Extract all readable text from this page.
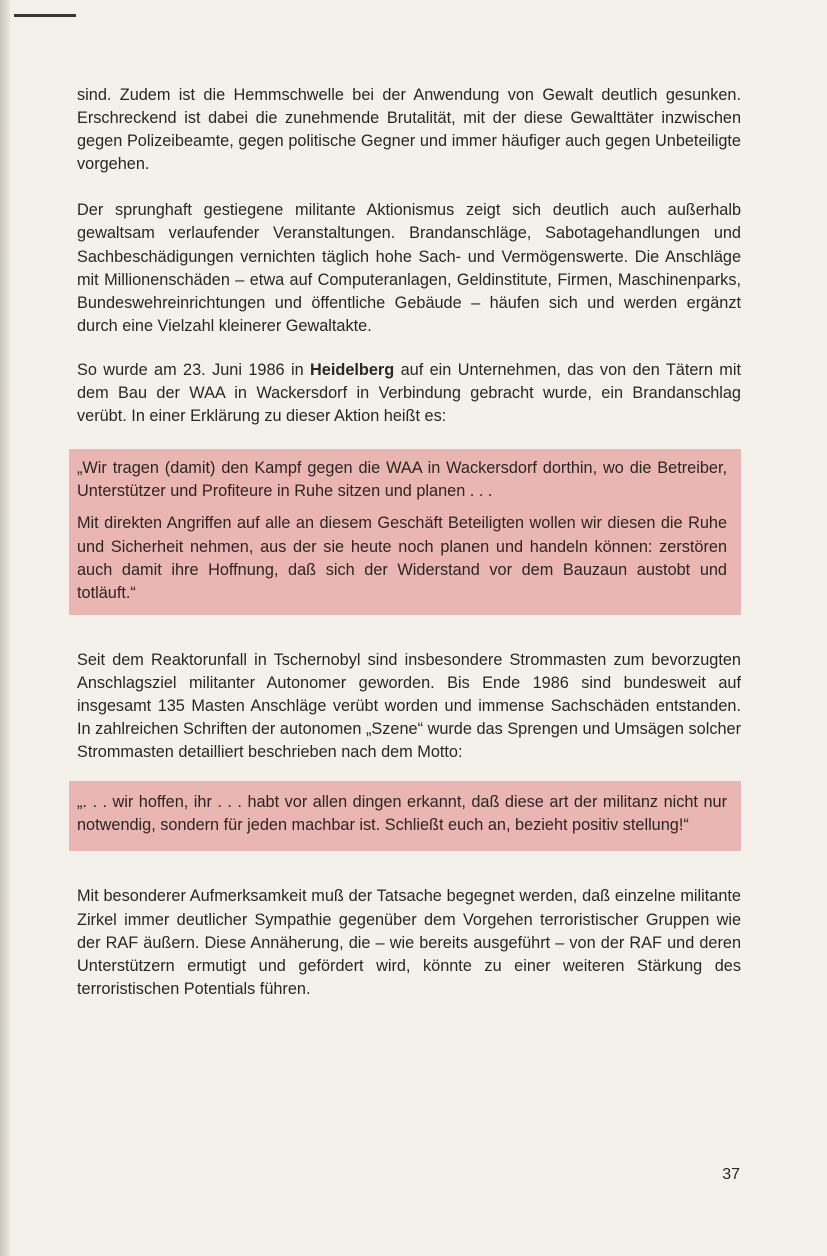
sind. Zudem ist die Hemmschwelle bei der Anwendung von Gewalt deutlich gesunken. Erschreckend ist dabei die zunehmende Brutalität, mit der diese Gewalttäter inzwischen gegen Polizeibeamte, gegen politische Gegner und immer häufiger auch gegen Unbeteiligte vorgehen.

Der sprunghaft gestiegene militante Aktionismus zeigt sich deutlich auch außerhalb gewaltsam verlaufender Veranstaltungen. Brandanschläge, Sabotagehandlungen und Sachbeschädigungen vernichten täglich hohe Sach- und Vermögenswerte. Die Anschläge mit Millionenschäden – etwa auf Computeranlagen, Geldinstitute, Firmen, Maschinenparks, Bundeswehreinrichtungen und öffentliche Gebäude – häufen sich und werden ergänzt durch eine Vielzahl kleinerer Gewaltakte.

So wurde am 23. Juni 1986 in Heidelberg auf ein Unternehmen, das von den Tätern mit dem Bau der WAA in Wackersdorf in Verbindung gebracht wurde, ein Brandanschlag verübt. In einer Erklärung zu dieser Aktion heißt es:

„Wir tragen (damit) den Kampf gegen die WAA in Wackersdorf dorthin, wo die Betreiber, Unterstützer und Profiteure in Ruhe sitzen und planen . . .

Mit direkten Angriffen auf alle an diesem Geschäft Beteiligten wollen wir diesen die Ruhe und Sicherheit nehmen, aus der sie heute noch planen und handeln können: zerstören auch damit ihre Hoffnung, daß sich der Widerstand vor dem Bauzaun austobt und totläuft.“

Seit dem Reaktorunfall in Tschernobyl sind insbesondere Strommasten zum bevorzugten Anschlagsziel militanter Autonomer geworden. Bis Ende 1986 sind bundesweit auf insgesamt 135 Masten Anschläge verübt worden und immense Sachschäden entstanden. In zahlreichen Schriften der autonomen „Szene“ wurde das Sprengen und Umsägen solcher Strommasten detailliert beschrieben nach dem Motto:

„. . . wir hoffen, ihr . . . habt vor allen dingen erkannt, daß diese art der militanz nicht nur notwendig, sondern für jeden machbar ist. Schließt euch an, bezieht positiv stellung!“

Mit besonderer Aufmerksamkeit muß der Tatsache begegnet werden, daß einzelne militante Zirkel immer deutlicher Sympathie gegenüber dem Vorgehen terroristischer Gruppen wie der RAF äußern. Diese Annäherung, die – wie bereits ausgeführt – von der RAF und deren Unterstützern ermutigt und gefördert wird, könnte zu einer weiteren Stärkung des terroristischen Potentials führen.

37
